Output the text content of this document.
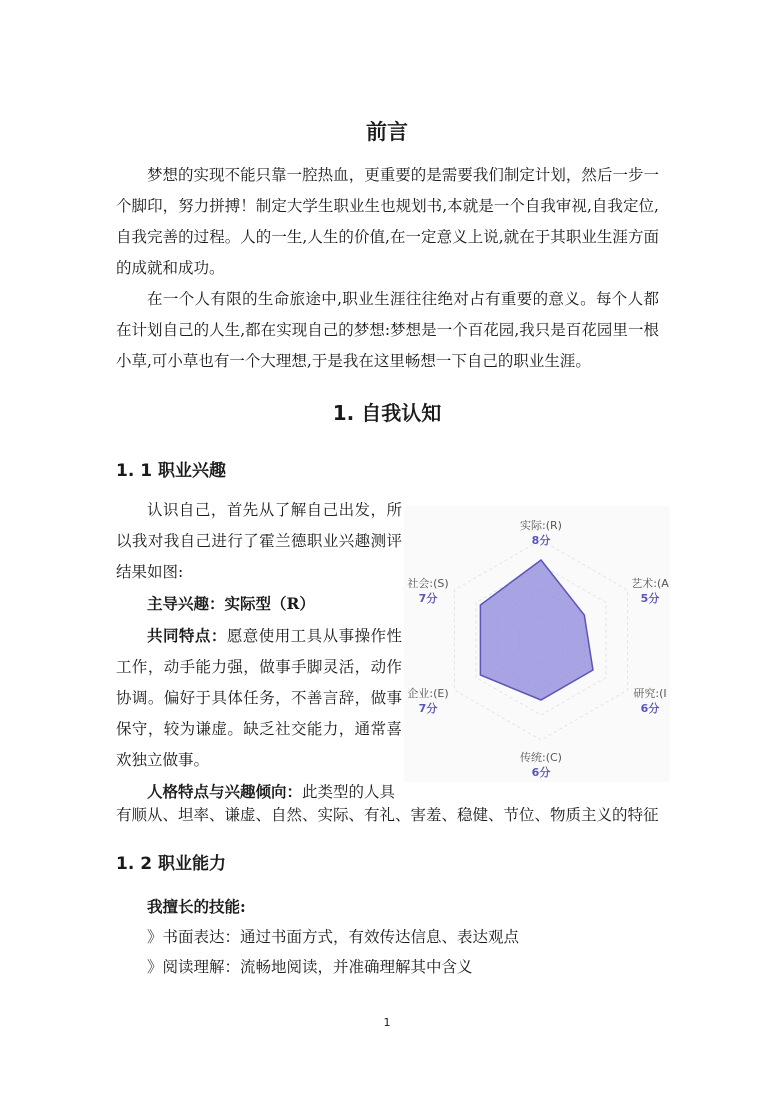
前言

梦想的实现不能只靠一腔热血，更重要的是需要我们制定计划，然后一步一个脚印，努力拼搏！制定大学生职业生也规划书,本就是一个自我审视,自我定位,自我完善的过程。人的一生,人生的价值,在一定意义上说,就在于其职业生涯方面的成就和成功。

在一个人有限的生命旅途中,职业生涯往往绝对占有重要的意义。每个人都在计划自己的人生,都在实现自己的梦想:梦想是一个百花园,我只是百花园里一根小草,可小草也有一个大理想,于是我在这里畅想一下自己的职业生涯。

1. 自我认知
1. 1 职业兴趣

认识自己，首先从了解自己出发，所以我对我自己进行了霍兰德职业兴趣测评结果如图:

主导兴趣：实际型（R）

共同特点：愿意使用工具从事操作性工作，动手能力强，做事手脚灵活，动作协调。偏好于具体任务，不善言辞，做事保守，较为谦虚。缺乏社交能力，通常喜欢独立做事。

人格特点与兴趣倾向：此类型的人具

有顺从、坦率、谦虚、自然、实际、有礼、害羞、稳健、节位、物质主义的特征
实际:(R)
8分
艺术:(A
5分
研究:(I
6分
传统:(C)
6分
企业:(E)
7分
社会:(S)
7分
1. 2 职业能力

我擅长的技能:

》书面表达：通过书面方式，有效传达信息、表达观点

》阅读理解：流畅地阅读，并准确理解其中含义

1
